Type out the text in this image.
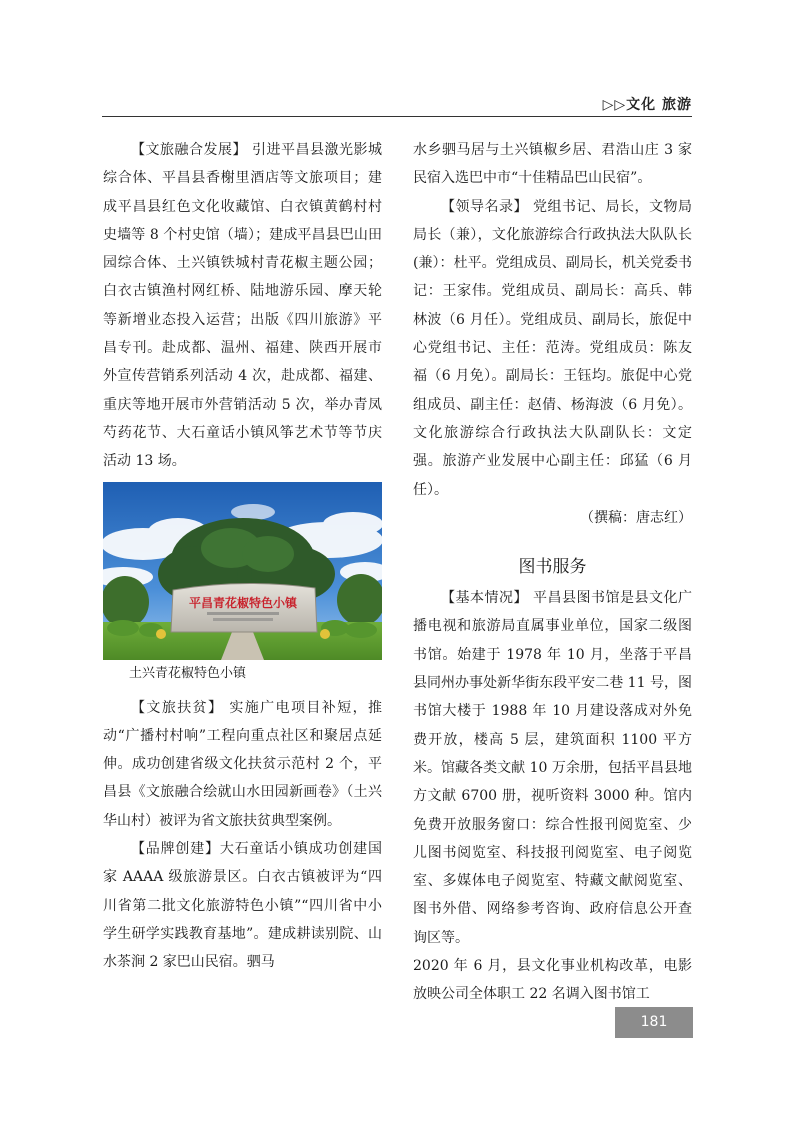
▷▷文化 旅游

【文旅融合发展】 引进平昌县激光影城综合体、平昌县香榭里酒店等文旅项目；建成平昌县红色文化收藏馆、白衣镇黄鹤村村史墙等 8 个村史馆（墙）；建成平昌县巴山田园综合体、土兴镇铁城村青花椒主题公园；白衣古镇渔村网红桥、陆地游乐园、摩天轮等新增业态投入运营；出版《四川旅游》平昌专刊。赴成都、温州、福建、陕西开展市外宣传营销系列活动 4 次，赴成都、福建、重庆等地开展市外营销活动 5 次，举办青凤芍药花节、大石童话小镇风筝艺术节等节庆活动 13 场。

平昌青花椒特色小镇
土兴青花椒特色小镇

【文旅扶贫】 实施广电项目补短，推动“广播村村响”工程向重点社区和聚居点延伸。成功创建省级文化扶贫示范村 2 个，平昌县《文旅融合绘就山水田园新画卷》（土兴华山村）被评为省文旅扶贫典型案例。

【品牌创建】大石童话小镇成功创建国家 AAAA 级旅游景区。白衣古镇被评为“四川省第二批文化旅游特色小镇”“四川省中小学生研学实践教育基地”。建成耕读别院、山水茶涧 2 家巴山民宿。驷马

水乡驷马居与土兴镇椒乡居、君浩山庄 3 家民宿入选巴中市“十佳精品巴山民宿”。

【领导名录】 党组书记、局长，文物局局长（兼），文化旅游综合行政执法大队队长(兼）：杜平。党组成员、副局长，机关党委书记：王家伟。党组成员、副局长：高兵、韩林波（6 月任）。党组成员、副局长，旅促中心党组书记、主任：范涛。党组成员：陈友福（6 月免）。副局长：王钰均。旅促中心党组成员、副主任：赵倩、杨海波（6 月免）。文化旅游综合行政执法大队副队长：文定强。旅游产业发展中心副主任：邱猛（6 月任）。

（撰稿：唐志红）

图书服务

【基本情况】 平昌县图书馆是县文化广播电视和旅游局直属事业单位，国家二级图书馆。始建于 1978 年 10 月，坐落于平昌县同州办事处新华街东段平安二巷 11 号，图书馆大楼于 1988 年 10 月建设落成对外免费开放，楼高 5 层，建筑面积 1100 平方米。馆藏各类文献 10 万余册，包括平昌县地方文献 6700 册，视听资料 3000 种。馆内免费开放服务窗口：综合性报刊阅览室、少儿图书阅览室、科技报刊阅览室、电子阅览室、多媒体电子阅览室、特藏文献阅览室、图书外借、网络参考咨询、政府信息公开查询区等。

2020 年 6 月，县文化事业机构改革，电影放映公司全体职工 22 名调入图书馆工

181
